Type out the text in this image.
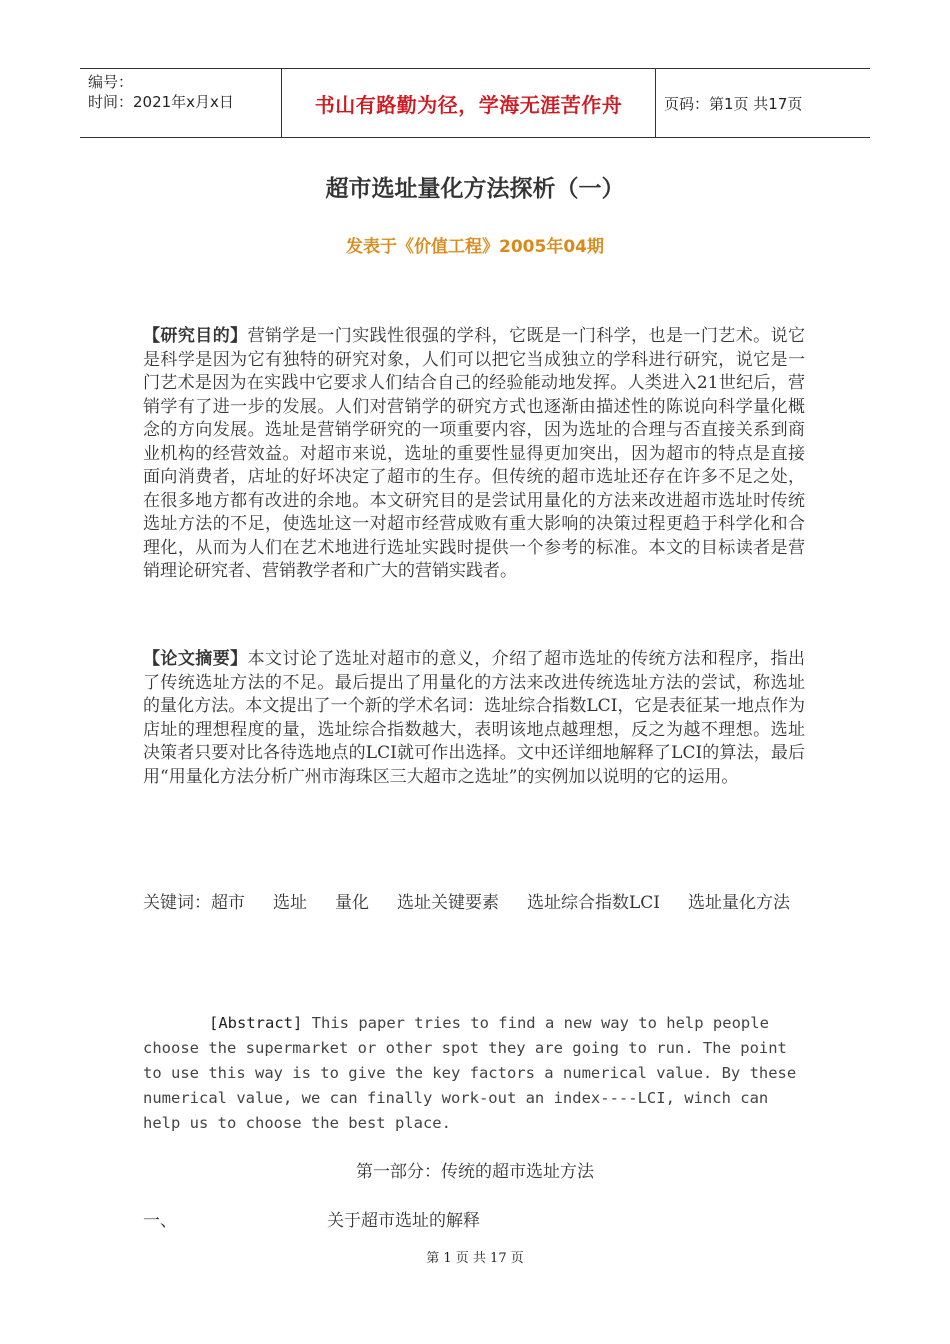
编号：
时间：2021年x月x日	书山有路勤为径，学海无涯苦作舟	页码：第1页 共17页
超市选址量化方法探析（一）
发表于《价值工程》2005年04期
【研究目的】营销学是一门实践性很强的学科，它既是一门科学，也是一门艺术。说它是科学是因为它有独特的研究对象，人们可以把它当成独立的学科进行研究，说它是一门艺术是因为在实践中它要求人们结合自己的经验能动地发挥。人类进入21世纪后，营销学有了进一步的发展。人们对营销学的研究方式也逐渐由描述性的陈说向科学量化概念的方向发展。选址是营销学研究的一项重要内容，因为选址的合理与否直接关系到商业机构的经营效益。对超市来说，选址的重要性显得更加突出，因为超市的特点是直接面向消费者，店址的好坏决定了超市的生存。但传统的超市选址还存在许多不足之处，在很多地方都有改进的余地。本文研究目的是尝试用量化的方法来改进超市选址时传统选址方法的不足，使选址这一对超市经营成败有重大影响的决策过程更趋于科学化和合理化，从而为人们在艺术地进行选址实践时提供一个参考的标准。本文的目标读者是营销理论研究者、营销教学者和广大的营销实践者。
【论文摘要】本文讨论了选址对超市的意义，介绍了超市选址的传统方法和程序，指出了传统选址方法的不足。最后提出了用量化的方法来改进传统选址方法的尝试，称选址的量化方法。本文提出了一个新的学术名词：选址综合指数LCI，它是表征某一地点作为店址的理想程度的量，选址综合指数越大，表明该地点越理想，反之为越不理想。选址决策者只要对比各待选地点的LCI就可作出选择。文中还详细地解释了LCI的算法，最后用“用量化方法分析广州市海珠区三大超市之选址”的实例加以说明的它的运用。
关键词：超市 选址 量化 选址关键要素 选址综合指数LCI 选址量化方法
[Abstract] This paper tries to find a new way to help people choose the supermarket or other spot they are going to run. The point to use this way is to give the key factors a numerical value. By these numerical value, we can finally work-out an index----LCI, winch can help us to choose the best place.
第一部分：传统的超市选址方法
一、	关于超市选址的解释
第 1 页 共 17 页
